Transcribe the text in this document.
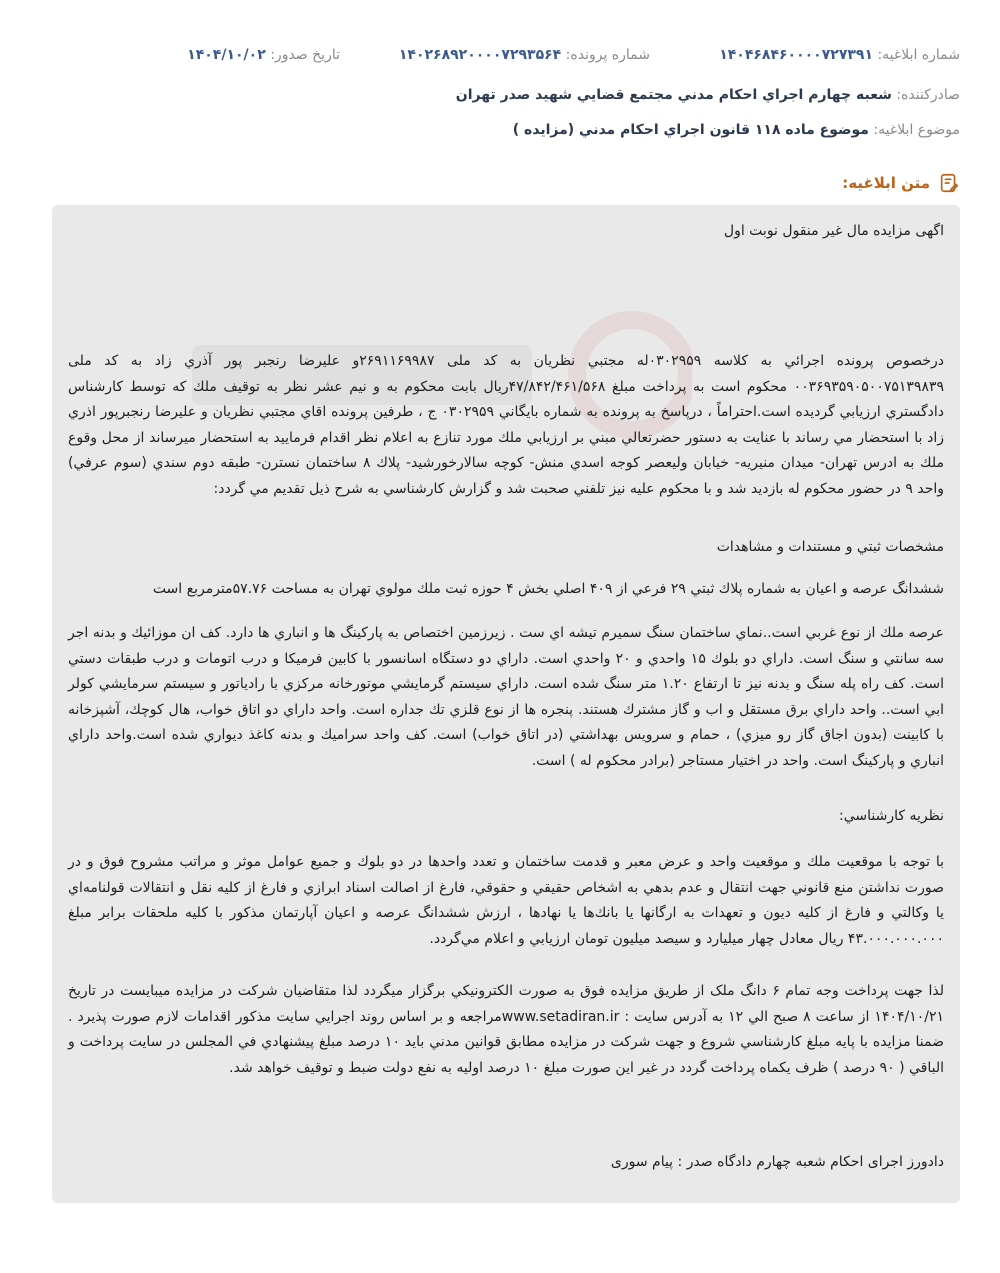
شماره ابلاغیه: ۱۴۰۴۶۸۴۶۰۰۰۰۷۲۷۳۹۱
شماره پرونده: ۱۴۰۲۶۸۹۲۰۰۰۰۷۲۹۳۵۶۴
تاریخ صدور: ۱۴۰۴/۱۰/۰۲
صادرکننده: شعبه چهارم اجراي احكام مدني مجتمع قضايي شهيد صدر تهران
موضوع ابلاغیه: موضوع ماده ۱۱۸ قانون اجراي احكام مدني (مزايده )
متن ابلاغیه:
اگهی مزایده مال غیر منقول نوبت اول
درخصوص پرونده اجرائي به كلاسه ۰۳۰۲۹۵۹له مجتبي نظريان به کد ملی ۲۶۹۱۱۶۹۹۸۷و عليرضا رنجبر پور آذري زاد به کد ملی ۰۰۳۶۹۳۵۹۰۵۰۰۷۵۱۳۹۸۳۹ محکوم است به پرداخت مبلغ ۴۷/۸۴۲/۴۶۱/۵۶۸ريال بابت محکوم به و نیم عشر نظر به توقيف ملك كه توسط كارشناس دادگستري ارزيابي گرديده است.احتراماً ، درپاسخ به پرونده به شماره بايگاني ۰۳۰۲۹۵۹ ج ، طرفين پرونده اقاي مجتبي نظريان و عليرضا رنجبرپور اذري زاد با استحضار مي رساند با عنايت به دستور حضرتعالي مبني بر ارزيابي ملك مورد تنازع به اعلام نظر اقدام فرماييد به استحضار ميرساند از محل وقوع ملك به ادرس تهران- ميدان منيريه- خيابان وليعصر كوجه اسدي منش- كوچه سالارخورشيد- پلاك ۸ ساختمان نسترن- طبقه دوم سندي (سوم عرفي) واحد ۹ در حضور محكوم له بازديد شد و با محكوم عليه نيز تلفني صحبت شد و گزارش كارشناسي به شرح ذيل تقديم مي گردد:
مشخصات ثبتي و مستندات و مشاهدات
ششدانگ عرصه و اعيان به شماره پلاك ثبتي ۲۹ فرعي از ۴۰۹ اصلي بخش ۴ حوزه ثبت ملك مولوي تهران به مساحت ۵۷.۷۶مترمربع است
عرصه ملك از نوع غربي است..نماي ساختمان سنگ سميرم تيشه اي ست . زيرزمين اختصاص به پاركينگ ها و انباري ها دارد. كف ان موزائيك و بدنه اجر سه سانتي و سنگ است. داراي دو بلوك ۱۵ واحدي و ۲۰ واحدي است. داراي دو دستگاه اسانسور با كابين فرميكا و درب اتومات و درب طبقات دستي است. كف راه پله سنگ و بدنه نيز تا ارتفاع ۱.۲۰ متر سنگ شده است. داراي سيستم گرمايشي موتورخانه مركزي با رادياتور و سيستم سرمايشي كولر ابي است.. واحد داراي برق مستقل و اب و گاز مشترك هستند. پنجره ها از نوع قلزي تك جداره است. واحد داراي دو اتاق خواب، هال كوچك، آشپزخانه با كابينت (بدون اجاق گاز رو ميزي) ، حمام و سرويس بهداشتي (در اتاق خواب) است. كف واحد سراميك و بدنه كاغذ ديواري شده است.واحد داراي انباري و پاركينگ است. واحد در اختيار مستاجر (برادر محكوم له ) است.
نظريه كارشناسي:
با توجه با موقعيت ملك و موقعيت واحد و عرض معبر و قدمت ساختمان و تعدد واحدها در دو بلوك و جميع عوامل موثر و مراتب مشروح فوق و در صورت نداشتن منع قانوني جهت انتقال و عدم بدهي به اشخاص حقيقي و حقوقي، فارغ از اصالت اسناد ابرازي و فارغ از كليه نقل و انتقالات قولنامه‌اي يا وكالتي و فارغ از كليه ديون و تعهدات به ارگانها يا بانك‌ها يا نهادها ، ارزش ششدانگ عرصه و اعيان آپارتمان مذكور با كليه ملحقات برابر مبلغ ۴۳.۰۰۰.۰۰۰.۰۰۰ ريال معادل چهار ميليارد و سيصد ميليون تومان ارزيابي و اعلام مي‌گردد.
لذا جهت پرداخت وجه تمام ۶ دانگ ملک از طریق مزایده فوق به صورت الكترونيكي برگزار ميگردد لذا متقاضيان شركت در مزايده ميبايست در تاريخ ۱۴۰۴/۱۰/۲۱ از ساعت ۸ صبح الي ۱۲ به آدرس سايت : www.setadiran.irمراجعه و بر اساس روند اجرايي سايت مذكور اقدامات لازم صورت پذيرد . ضمنا مزايده با پايه مبلغ كارشناسي شروع و جهت شركت در مزايده مطابق قوانين مدني بايد ۱۰ درصد مبلغ پيشنهادي في المجلس در سايت پرداخت و الباقي ( ۹۰ درصد ) ظرف يكماه پرداخت گردد در غير اين صورت مبلغ ۱۰ درصد اوليه به نفع دولت ضبط و توقيف خواهد شد.
دادورز اجرای احکام شعبه چهارم دادگاه صدر : پیام سوری
